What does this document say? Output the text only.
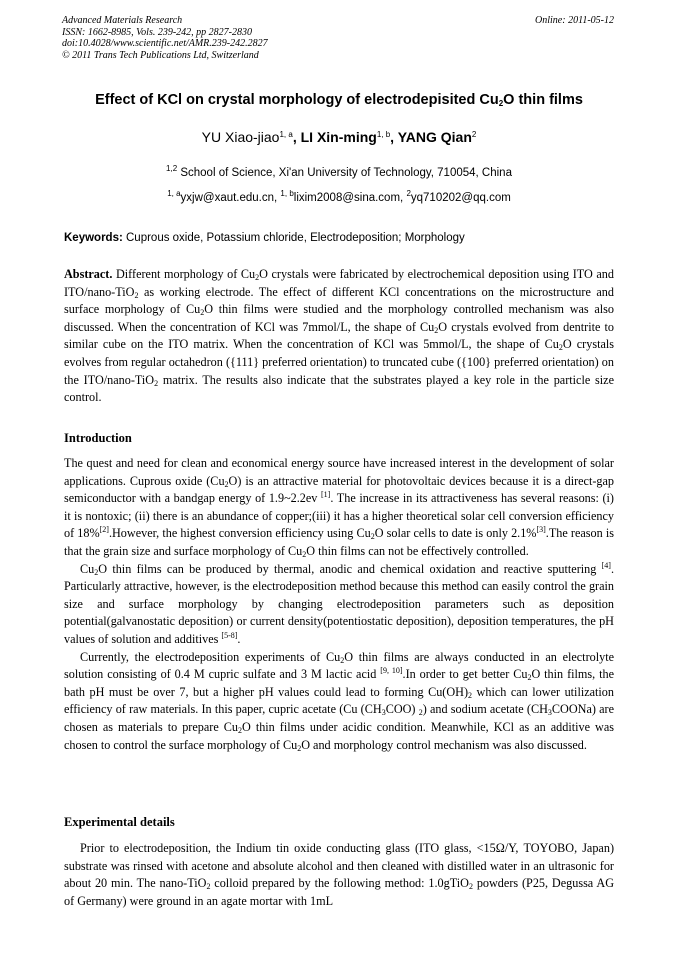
Advanced Materials Research
ISSN: 1662-8985, Vols. 239-242, pp 2827-2830
doi:10.4028/www.scientific.net/AMR.239-242.2827
© 2011 Trans Tech Publications Ltd, Switzerland
Online: 2011-05-12
Effect of KCl on crystal morphology of electrodepisited $Cu_2O$ thin films
YU Xiao-jiao$^{1, a}$, LI Xin-ming$^{1, b}$, YANG Qian$^2$
$^{1,2}$ School of Science, Xi'an University of Technology, 710054, China
$^{1, a}$yxjw@xaut.edu.cn, $^{1, b}$lixim2008@sina.com, $^2$yq710202@qq.com
Keywords: Cuprous oxide, Potassium chloride, Electrodeposition; Morphology

Abstract. Different morphology of $Cu_2O$ crystals were fabricated by electrochemical deposition using ITO and ITO/nano-TiO$_2$ as working electrode. The effect of different KCl concentrations on the microstructure and surface morphology of $Cu_2O$ thin films were studied and the morphology controlled mechanism was also discussed. When the concentration of KCl was 7mmol/L, the shape of $Cu_2O$ crystals evolved from dentrite to similar cube on the ITO matrix. When the concentration of KCl was 5mmol/L, the shape of $Cu_2O$ crystals evolves from regular octahedron ({111} preferred orientation) to truncated cube ({100} preferred orientation) on the ITO/nano-TiO$_2$ matrix. The results also indicate that the substrates played a key role in the particle size control.

Introduction

The quest and need for clean and economical energy source have increased interest in the development of solar applications. Cuprous oxide $(Cu_2O)$ is an attractive material for photovoltaic devices because it is a direct-gap semiconductor with a bandgap energy of 1.9~2.2ev [1]. The increase in its attractiveness has several reasons: (i) it is nontoxic; (ii) there is an abundance of copper;(iii) it has a higher theoretical solar cell conversion efficiency of 18%[2].However, the highest conversion efficiency using $Cu_2O$ solar cells to date is only 2.1%[3].The reason is that the grain size and surface morphology of $Cu_2O$ thin films can not be effectively controlled.

$Cu_2O$ thin films can be produced by thermal, anodic and chemical oxidation and reactive sputtering [4]. Particularly attractive, however, is the electrodeposition method because this method can easily control the grain size and surface morphology by changing electrodeposition parameters such as deposition potential(galvanostatic deposition) or current density(potentiostatic deposition), deposition temperatures, the pH values of solution and additives [5-8].

Currently, the electrodeposition experiments of $Cu_2O$ thin films are always conducted in an electrolyte solution consisting of 0.4 M cupric sulfate and 3 M lactic acid [9, 10].In order to get better $Cu_2O$ thin films, the bath pH must be over 7, but a higher pH values could lead to forming $Cu(OH)_2$ which can lower utilization efficiency of raw materials. In this paper, cupric acetate (Cu $(CH_3COO)$ $_2$) and sodium acetate $(CH_3COONa)$ are chosen as materials to prepare $Cu_2O$ thin films under acidic condition. Meanwhile, KCl as an additive was chosen to control the surface morphology of $Cu_2O$ and morphology control mechanism was also discussed.

Experimental details

Prior to electrodeposition, the Indium tin oxide conducting glass (ITO glass, <15Ω/Υ, TOYOBO, Japan) substrate was rinsed with acetone and absolute alcohol and then cleaned with distilled water in an ultrasonic for about 20 min. The nano-TiO$_2$ colloid prepared by the following method: 1.0gTiO$_2$ powders (P25, Degussa AG of Germany) were ground in an agate mortar with 1mL
